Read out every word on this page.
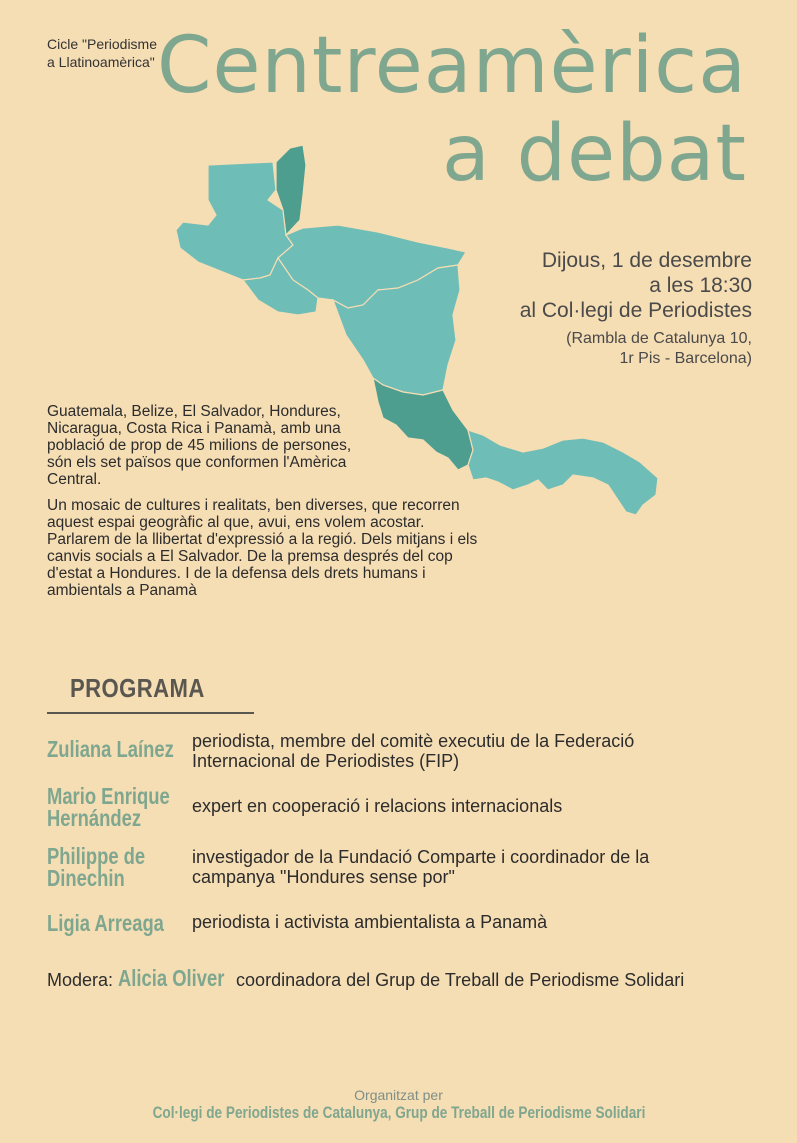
Cicle "Periodisme
a Llatinoamèrica" Centreamèrica
a debat
Dijous, 1 de desembre
a les 18:30
al Col·legi de Periodistes
(Rambla de Catalunya 10,
1r Pis - Barcelona)

Guatemala, Belize, El Salvador, Hondures, Nicaragua, Costa Rica i Panamà, amb una població de prop de 45 milions de persones, són els set països que conformen l'Amèrica Central.

Un mosaic de cultures i realitats, ben diverses, que recorren aquest espai geogràfic al que, avui, ens volem acostar. Parlarem de la llibertat d'expressió a la regió. Dels mitjans i els canvis socials a El Salvador. De la premsa després del cop d'estat a Hondures. I de la defensa dels drets humans i ambientals a Panamà

PROGRAMA
Zuliana Laínez periodista, membre del comitè executiu de la Federació Internacional de Periodistes (FIP)
Mario Enrique
Hernández	expert en cooperació i relacions internacionals
Philippe de
Dinechin
investigador de la Fundació Comparte i coordinador de la campanya "Hondures sense por"
Ligia Arreaga periodista i activista ambientalista a Panamà
Modera: Alicia Oliver coordinadora del Grup de Treball de Periodisme Solidari
Organitzat per
Col·legi de Periodistes de Catalunya, Grup de Treball de Periodisme Solidari
